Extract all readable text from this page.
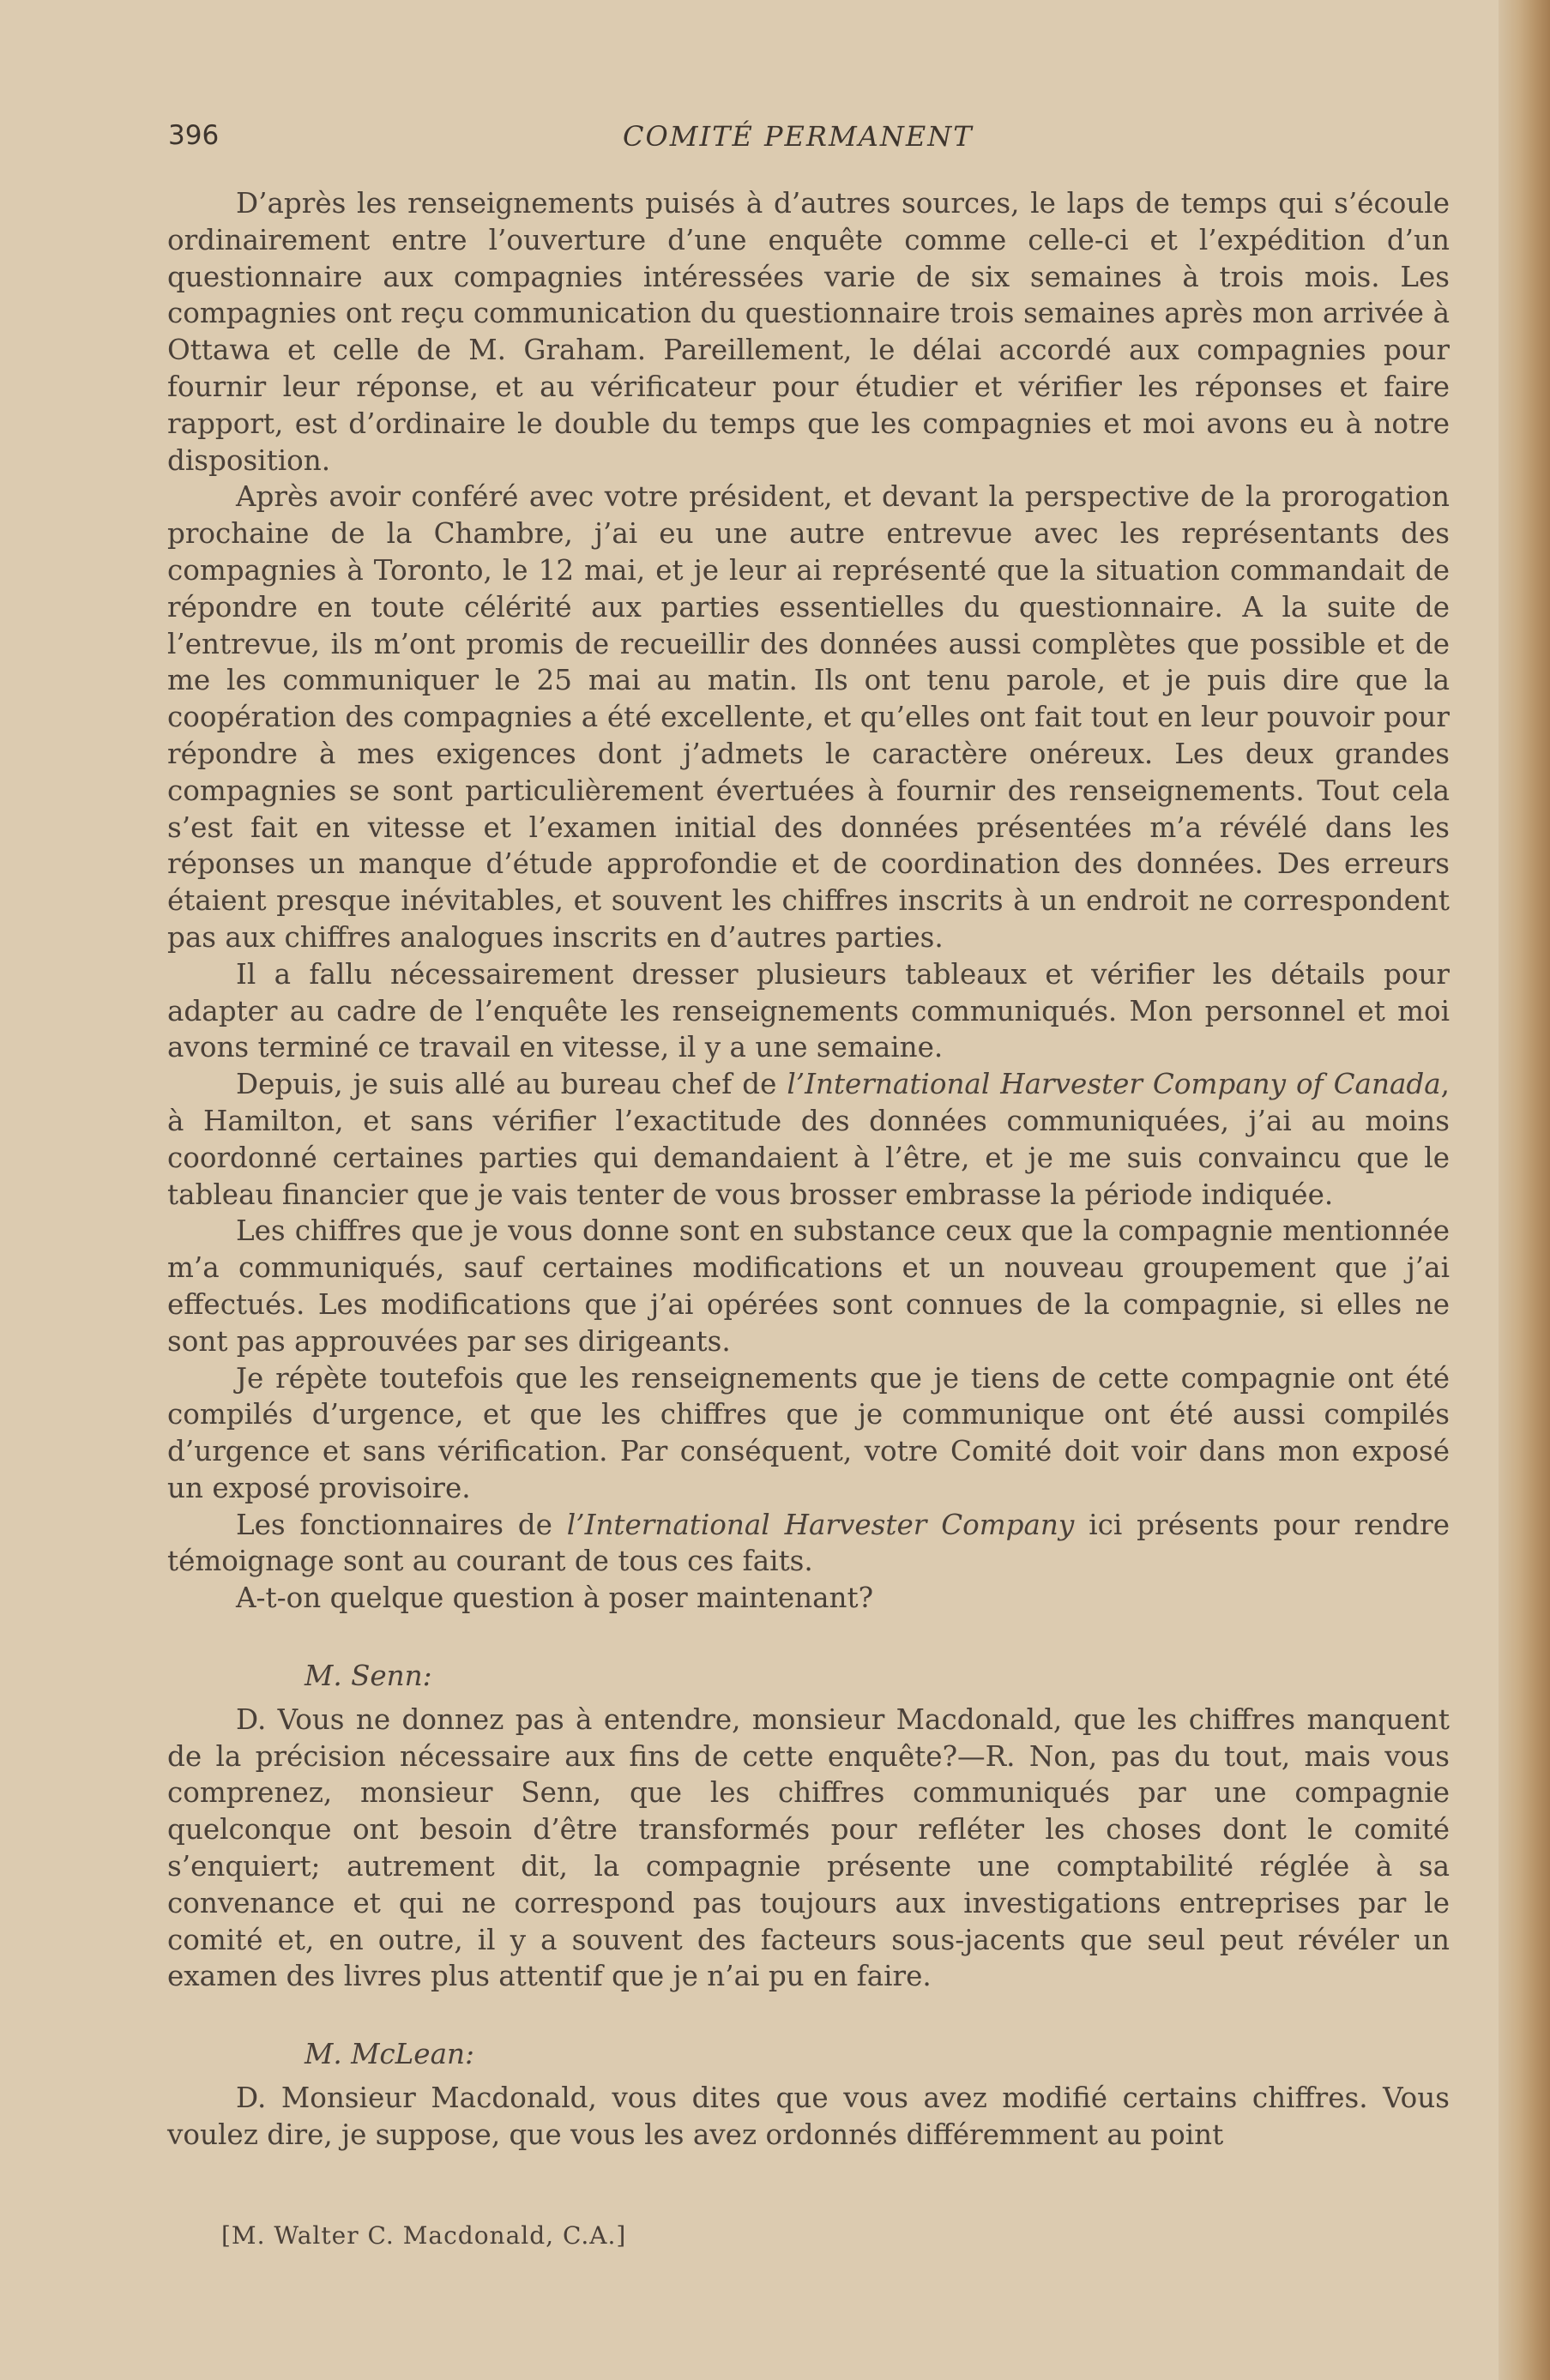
396	COMITÉ PERMANENT

D’après les renseignements puisés à d’autres sources, le laps de temps qui s’écoule ordinairement entre l’ouverture d’une enquête comme celle-ci et l’expédition d’un questionnaire aux compagnies intéressées varie de six semaines à trois mois. Les compagnies ont reçu communication du questionnaire trois semaines après mon arrivée à Ottawa et celle de M. Graham. Pareillement, le délai accordé aux compagnies pour fournir leur réponse, et au vérificateur pour étudier et vérifier les réponses et faire rapport, est d’ordinaire le double du temps que les compagnies et moi avons eu à notre disposition.

Après avoir conféré avec votre président, et devant la perspective de la prorogation prochaine de la Chambre, j’ai eu une autre entrevue avec les représentants des compagnies à Toronto, le 12 mai, et je leur ai représenté que la situation commandait de répondre en toute célérité aux parties essentielles du questionnaire. A la suite de l’entrevue, ils m’ont promis de recueillir des données aussi complètes que possible et de me les communiquer le 25 mai au matin. Ils ont tenu parole, et je puis dire que la coopération des compagnies a été excellente, et qu’elles ont fait tout en leur pouvoir pour répondre à mes exigences dont j’admets le caractère onéreux. Les deux grandes compagnies se sont particulièrement évertuées à fournir des renseignements. Tout cela s’est fait en vitesse et l’examen initial des données présentées m’a révélé dans les réponses un manque d’étude approfondie et de coordination des données. Des erreurs étaient presque inévitables, et souvent les chiffres inscrits à un endroit ne correspondent pas aux chiffres analogues inscrits en d’autres parties.

Il a fallu nécessairement dresser plusieurs tableaux et vérifier les détails pour adapter au cadre de l’enquête les renseignements communiqués. Mon personnel et moi avons terminé ce travail en vitesse, il y a une semaine.

Depuis, je suis allé au bureau chef de l’International Harvester Company of Canada, à Hamilton, et sans vérifier l’exactitude des données communiquées, j’ai au moins coordonné certaines parties qui demandaient à l’être, et je me suis convaincu que le tableau financier que je vais tenter de vous brosser embrasse la période indiquée.

Les chiffres que je vous donne sont en substance ceux que la compagnie mentionnée m’a communiqués, sauf certaines modifications et un nouveau groupement que j’ai effectués. Les modifications que j’ai opérées sont connues de la compagnie, si elles ne sont pas approuvées par ses dirigeants.

Je répète toutefois que les renseignements que je tiens de cette compagnie ont été compilés d’urgence, et que les chiffres que je communique ont été aussi compilés d’urgence et sans vérification. Par conséquent, votre Comité doit voir dans mon exposé un exposé provisoire.

Les fonctionnaires de l’International Harvester Company ici présents pour rendre témoignage sont au courant de tous ces faits.

A-t-on quelque question à poser maintenant?

M. Senn:

D. Vous ne donnez pas à entendre, monsieur Macdonald, que les chiffres manquent de la précision nécessaire aux fins de cette enquête?—R. Non, pas du tout, mais vous comprenez, monsieur Senn, que les chiffres communiqués par une compagnie quelconque ont besoin d’être transformés pour refléter les choses dont le comité s’enquiert; autrement dit, la compagnie présente une comptabilité réglée à sa convenance et qui ne correspond pas toujours aux investigations entreprises par le comité et, en outre, il y a souvent des facteurs sous-jacents que seul peut révéler un examen des livres plus attentif que je n’ai pu en faire.

M. McLean:

D. Monsieur Macdonald, vous dites que vous avez modifié certains chiffres. Vous voulez dire, je suppose, que vous les avez ordonnés différemment au point

[M. Walter C. Macdonald, C.A.]
